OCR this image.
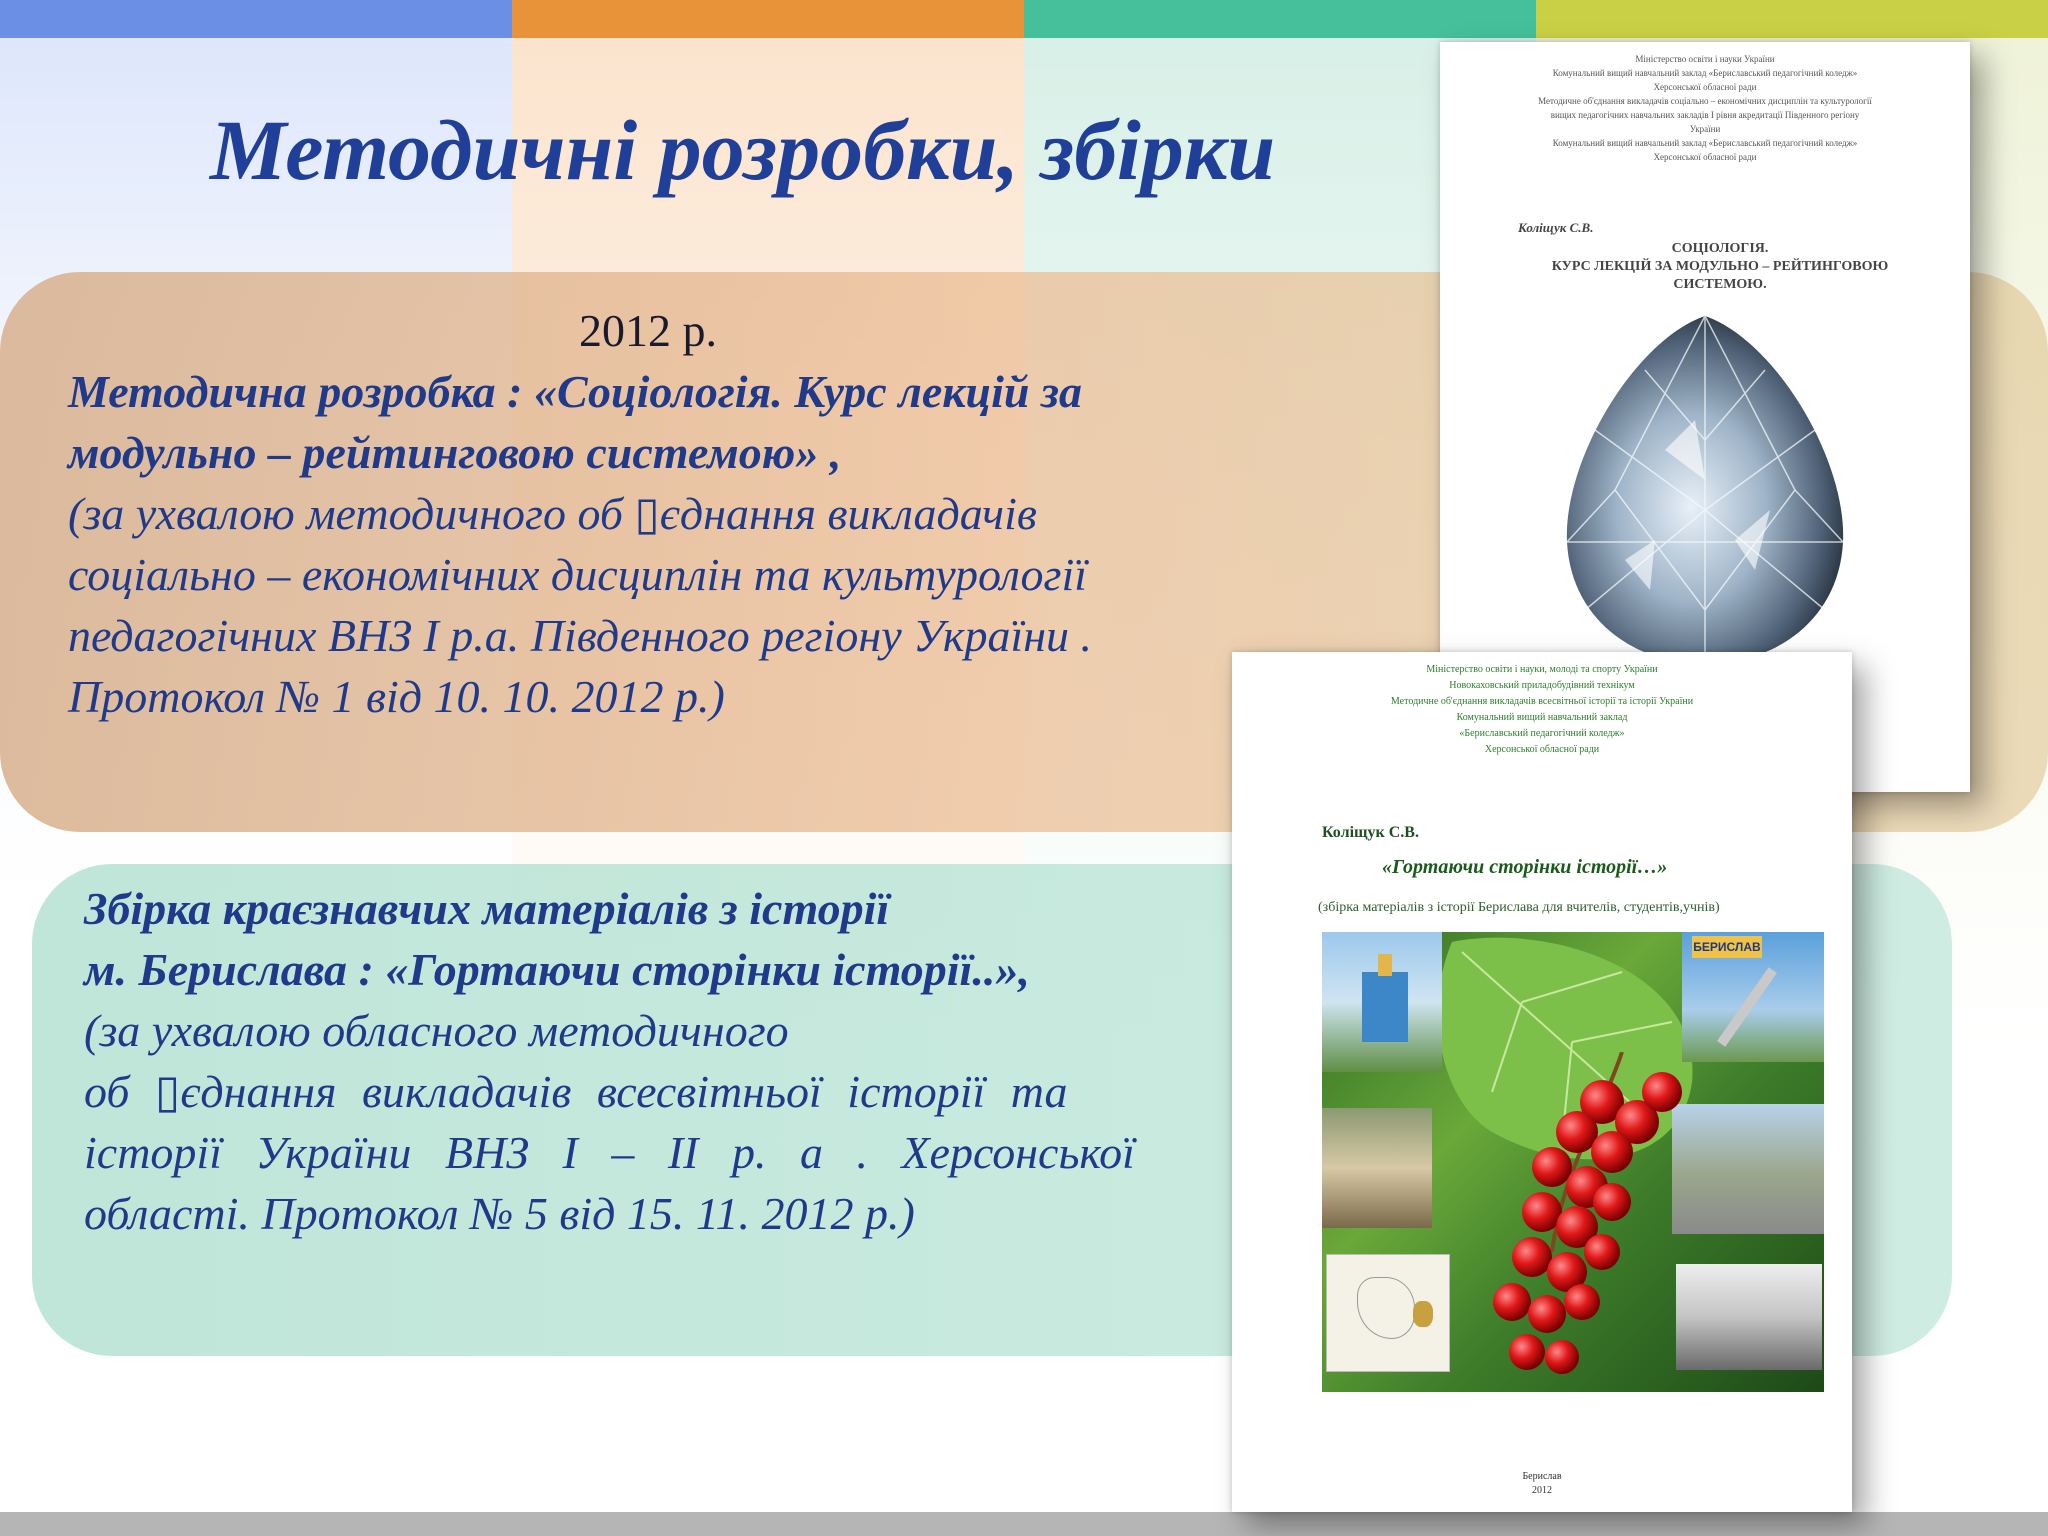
Методичні розробки, збірки
2012 р.
Методична розробка : «Соціологія. Курс лекцій за
модульно – рейтинговою системою» ,
(за ухвалою методичного об ▯єднання викладачів
соціально – економічних дисциплін та культурології
педагогічних ВНЗ І р.а. Південного регіону України .
Протокол № 1 від 10. 10. 2012 р.)
Збірка краєзнавчих матеріалів з історії
м. Берислава : «Гортаючи сторінки історії..»,
(за ухвалою обласного методичного
об ▯єднання викладачів всесвітньої історії та
історії України ВНЗ І – ІІ р. а . Херсонської
області. Протокол № 5 від 15. 11. 2012 р.)
Міністерство освіти і науки України
Комунальний вищий навчальний заклад «Бериславський педагогічний коледж»
Херсонської обласної ради
Методичне об'єднання викладачів соціально – економічних дисциплін та культурології
вищих педагогічних навчальних закладів І рівня акредитації Південного регіону
України
Комунальний вищий навчальний заклад «Бериславський педагогічний коледж»
Херсонської обласної ради
Коліщук С.В.
СОЦІОЛОГІЯ.
КУРС ЛЕКЦІЙ ЗА МОДУЛЬНО – РЕЙТИНГОВОЮ
СИСТЕМОЮ.
Міністерство освіти і науки, молоді та спорту України
Новокаховський приладобудівний технікум
Методичне об'єднання викладачів всесвітньої історії та історії України
Комунальний вищий навчальний заклад
«Бериславський педагогічний коледж»
Херсонської обласної ради
Коліщук С.В.
«Гортаючи сторінки історії…»
(збірка матеріалів з історії Берислава для вчителів, студентів,учнів)
БЕРИСЛАВ
Берислав
2012
